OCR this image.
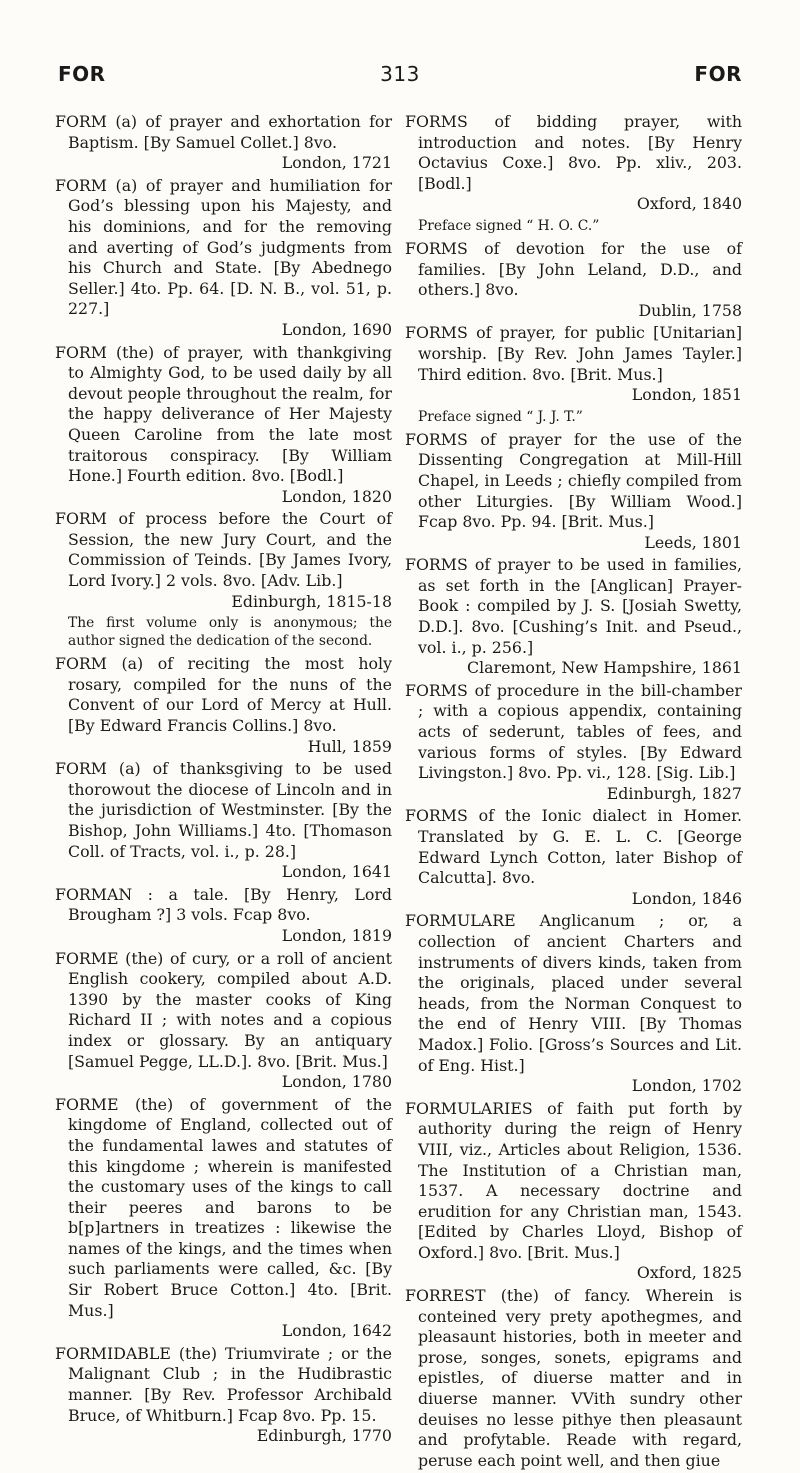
FOR	313	FOR

FORM (a) of prayer and exhortation for Baptism. [By Samuel Collet.] 8vo.
London, 1721

FORM (a) of prayer and humiliation for God’s blessing upon his Majesty, and his dominions, and for the removing and averting of God’s judgments from his Church and State. [By Abednego Seller.] 4to. Pp. 64. [D. N. B., vol. 51, p. 227.]
London, 1690

FORM (the) of prayer, with thankgiving to Almighty God, to be used daily by all devout people throughout the realm, for the happy deliverance of Her Majesty Queen Caroline from the late most traitorous conspiracy. [By William Hone.] Fourth edition. 8vo. [Bodl.]
London, 1820

FORM of process before the Court of Session, the new Jury Court, and the Commission of Teinds. [By James Ivory, Lord Ivory.] 2 vols. 8vo. [Adv. Lib.]
Edinburgh, 1815-18

The first volume only is anonymous; the author signed the dedication of the second.

FORM (a) of reciting the most holy rosary, compiled for the nuns of the Convent of our Lord of Mercy at Hull. [By Edward Francis Collins.] 8vo.
Hull, 1859

FORM (a) of thanksgiving to be used thorowout the diocese of Lincoln and in the jurisdiction of Westminster. [By the Bishop, John Williams.] 4to. [Thomason Coll. of Tracts, vol. i., p. 28.]
London, 1641

FORMAN : a tale. [By Henry, Lord Brougham ?] 3 vols. Fcap 8vo.
London, 1819

FORME (the) of cury, or a roll of ancient English cookery, compiled about A.D. 1390 by the master cooks of King Richard II ; with notes and a copious index or glossary. By an antiquary [Samuel Pegge, LL.D.]. 8vo. [Brit. Mus.]
London, 1780

FORME (the) of government of the kingdome of England, collected out of the fundamental lawes and statutes of this kingdome ; wherein is manifested the customary uses of the kings to call their peeres and barons to be b[p]artners in treatizes : likewise the names of the kings, and the times when such parliaments were called, &c. [By Sir Robert Bruce Cotton.] 4to. [Brit. Mus.]
London, 1642

FORMIDABLE (the) Triumvirate ; or the Malignant Club ; in the Hudibrastic manner. [By Rev. Professor Archibald Bruce, of Whitburn.] Fcap 8vo. Pp. 15.
Edinburgh, 1770

FORMS of bidding prayer, with introduction and notes. [By Henry Octavius Coxe.] 8vo. Pp. xliv., 203. [Bodl.]
Oxford, 1840

Preface signed “ H. O. C.”

FORMS of devotion for the use of families. [By John Leland, D.D., and others.] 8vo.
Dublin, 1758

FORMS of prayer, for public [Unitarian] worship. [By Rev. John James Tayler.] Third edition. 8vo. [Brit. Mus.]
London, 1851

Preface signed “ J. J. T.”

FORMS of prayer for the use of the Dissenting Congregation at Mill-Hill Chapel, in Leeds ; chiefly compiled from other Liturgies. [By William Wood.] Fcap 8vo. Pp. 94. [Brit. Mus.]
Leeds, 1801

FORMS of prayer to be used in families, as set forth in the [Anglican] Prayer-Book : compiled by J. S. [Josiah Swetty, D.D.]. 8vo. [Cushing’s Init. and Pseud., vol. i., p. 256.]
Claremont, New Hampshire, 1861

FORMS of procedure in the bill-chamber ; with a copious appendix, containing acts of sederunt, tables of fees, and various forms of styles. [By Edward Livingston.] 8vo. Pp. vi., 128. [Sig. Lib.]
Edinburgh, 1827

FORMS of the Ionic dialect in Homer. Translated by G. E. L. C. [George Edward Lynch Cotton, later Bishop of Calcutta]. 8vo.
London, 1846

FORMULARE Anglicanum ; or, a collection of ancient Charters and instruments of divers kinds, taken from the originals, placed under several heads, from the Norman Conquest to the end of Henry VIII. [By Thomas Madox.] Folio. [Gross’s Sources and Lit. of Eng. Hist.]
London, 1702

FORMULARIES of faith put forth by authority during the reign of Henry VIII, viz., Articles about Religion, 1536. The Institution of a Christian man, 1537. A necessary doctrine and erudition for any Christian man, 1543. [Edited by Charles Lloyd, Bishop of Oxford.] 8vo. [Brit. Mus.]
Oxford, 1825

FORREST (the) of fancy. Wherein is conteined very prety apothegmes, and pleasaunt histories, both in meeter and prose, songes, sonets, epigrams and epistles, of diuerse matter and in diuerse manner. VVith sundry other deuises no lesse pithye then pleasaunt and profytable. Reade with regard, peruse each point well, and then giue
